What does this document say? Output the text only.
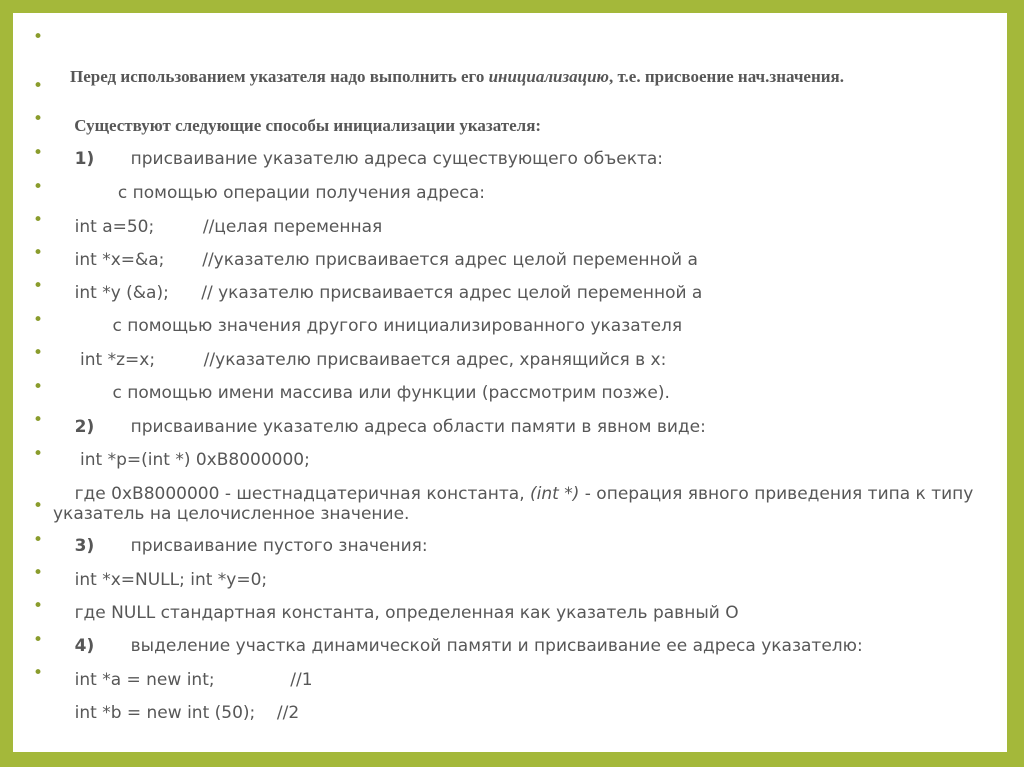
•

Перед использованием указателя надо выполнить его инициализацию, т.е. присвоение нач.значения.

•

Существуют следующие способы инициализации указателя:

•

1) присваивание указателю адреса существующего объекта:

•

с помощью операции получения адреса:

•

int a=50;         //целая переменная

•

int *x=&a;       //указателю присваивается адрес целой переменной а

•

int *y (&a);      // указателю присваивается адрес целой переменной а

•

с помощью значения другого инициализированного указателя

•

int *z=x;         //указателю присваивается адрес, хранящийся в х:

•

с помощью имени массива или функции (рассмотрим позже).

•

2) присваивание указателю адреса области памяти в явном виде:

•

int *p=(int *) 0xB8000000;

•

где 0хВ8000000 - шестнадцатеричная константа, (int *) - операция явного приведения типа к типу указатель на целочисленное значение.

•

3) присваивание пустого значения:

•

int *x=NULL; int *y=0;

•

где NULL стандартная константа, определенная как указатель равный О

•

4) выделение участка динамической памяти и присваивание ее адреса указателю:

•

int *a = new int;              //1

•

int *b = new int (50);    //2
